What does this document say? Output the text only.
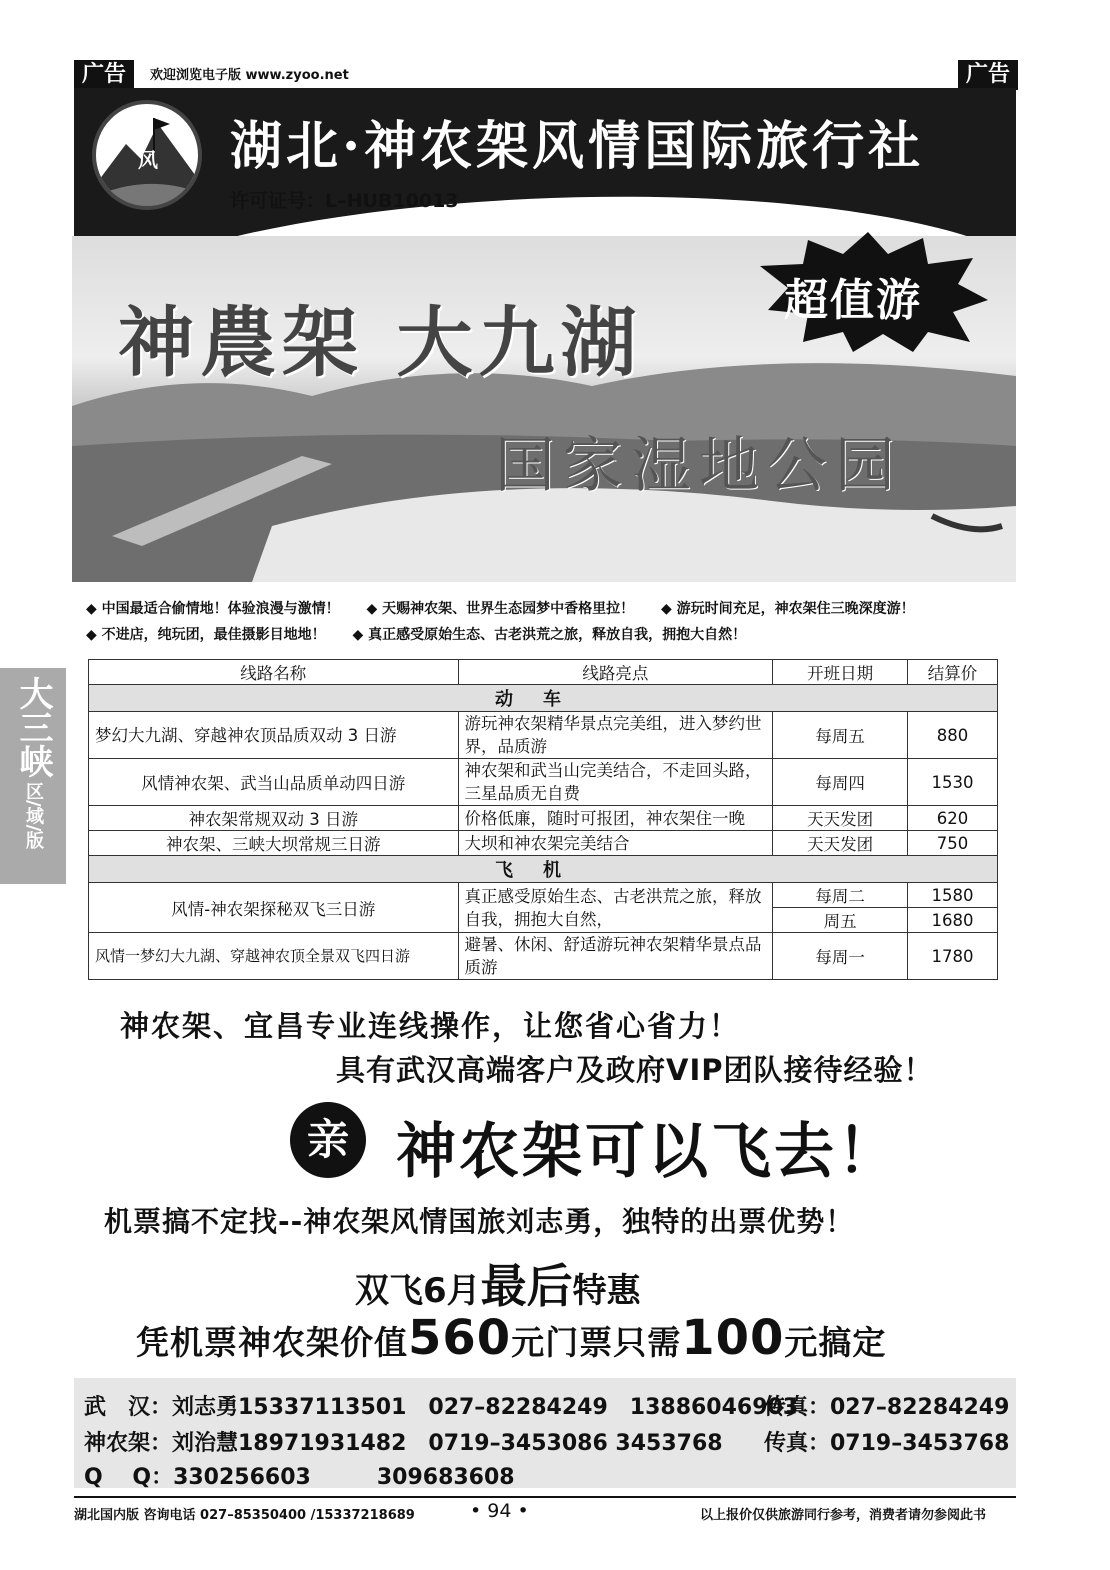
广告	欢迎浏览电子版 www.zyoo.net	广告
风 湖北·神农架风情国际旅行社
许可证号：L–HUB10013
神農架 大九湖
国家湿地公园
超值游
◆ 中国最适合偷情地！体验浪漫与激情！ ◆ 天赐神农架、世界生态园梦中香格里拉！ ◆ 游玩时间充足，神农架住三晚深度游！
◆ 不进店，纯玩团，最佳摄影目地地！ ◆ 真正感受原始生态、古老洪荒之旅，释放自我，拥抱大自然！
线路名称	线路亮点	开班日期	结算价
动车			
梦幻大九湖、穿越神农顶品质双动 3 日游	游玩神农架精华景点完美组，进入梦约世界，品质游	每周五	880
风情神农架、武当山品质单动四日游	神农架和武当山完美结合，不走回头路，三星品质无自费	每周四	1530
神农架常规双动 3 日游	价格低廉，随时可报团，神农架住一晚	天天发团	620
神农架、三峡大坝常规三日游	大坝和神农架完美结合	天天发团	750
飞机			
风情-神农架探秘双飞三日游	真正感受原始生态、古老洪荒之旅，释放自我，拥抱大自然，	每周二	1580
		周五	1680
风情一梦幻大九湖、穿越神农顶全景双飞四日游	避暑、休闲、舒适游玩神农架精华景点品质游	每周一	1780
神农架、宜昌专业连线操作，让您省心省力！
具有武汉高端客户及政府VIP团队接待经验！
亲 神农架可以飞去！
机票搞不定找--神农架风情国旅刘志勇，独特的出票优势！
双飞6月最后特惠
凭机票神农架价值560元门票只需100元搞定
武　汉：刘志勇15337113501　027–82284249　13886046903
传真：027–82284249
神农架：刘治慧18971931482　0719–3453086 3453768 传真：0719–3453768
Q　 Q：330256603　　　309683608
大三峡
区/域/版
湖北国内版 咨询电话 027–85350400 /15337218689	• 94 •	以上报价仅供旅游同行参考，消费者请勿参阅此书
